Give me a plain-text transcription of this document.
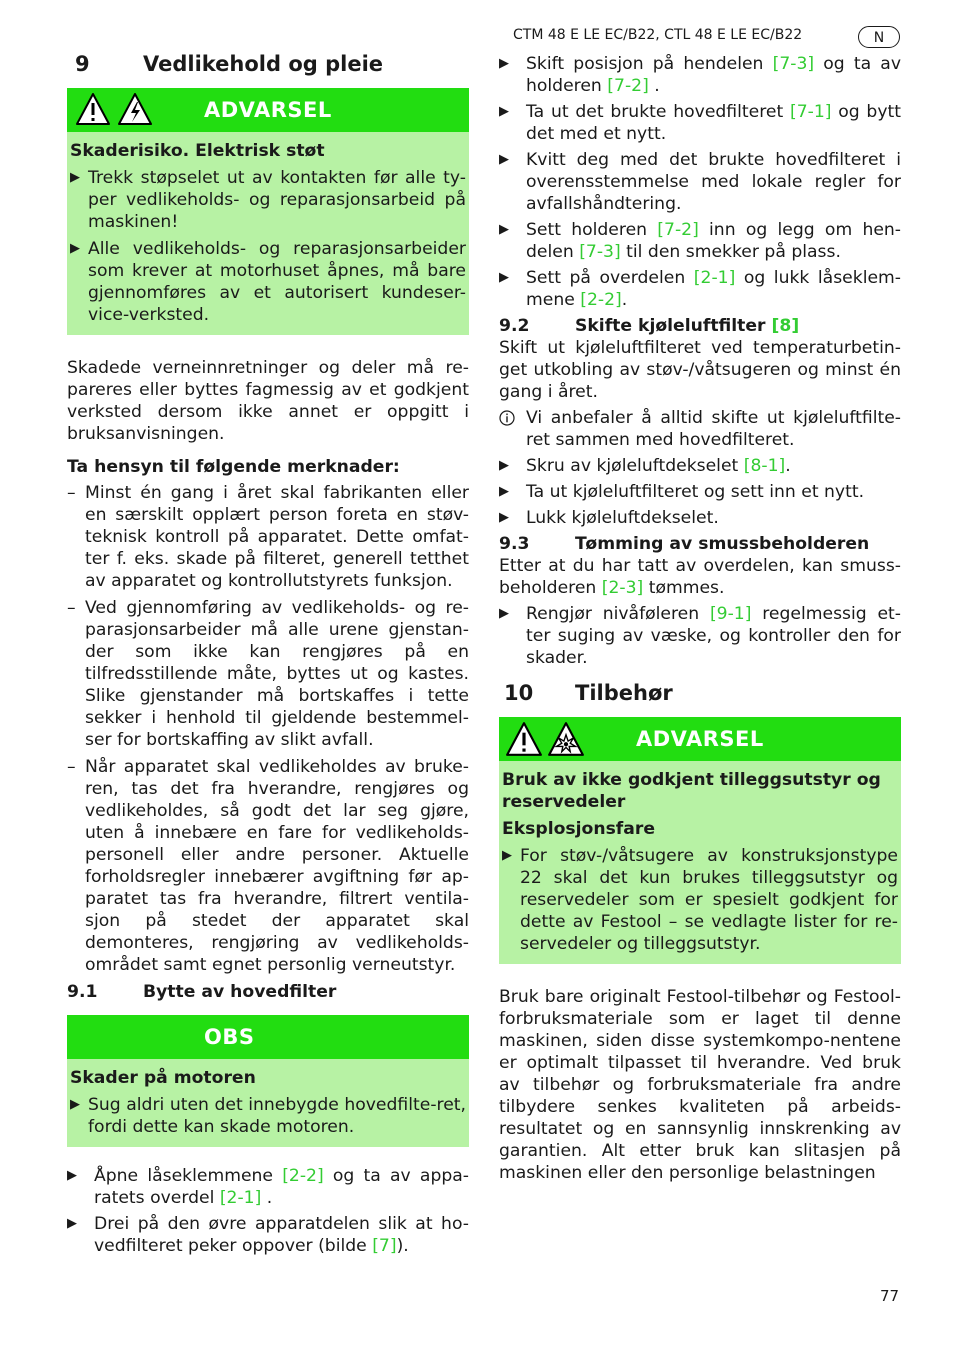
CTM 48 E LE EC/B22, CTL 48 E LE EC/B22	N
9	Vedlikehold og pleie
ADVARSEL
Skaderisiko. Elektrisk støt
▶ Trekk støpselet ut av kontakten før alle ty-per vedlikeholds- og reparasjonsarbeid på maskinen!
▶ Alle vedlikeholds- og reparasjonsarbeider som krever at motorhuset åpnes, må bare gjennomføres av et autorisert kundeser-vice-verksted.

Skadede verneinnretninger og deler må re-pareres eller byttes fagmessig av et godkjent verksted dersom ikke annet er oppgitt i bruksanvisningen.

Ta hensyn til følgende merknader:
– Minst én gang i året skal fabrikanten eller en særskilt opplært person foreta en støv-teknisk kontroll på apparatet. Dette omfat-ter f. eks. skade på filteret, generell tetthet av apparatet og kontrollutstyrets funksjon.
– Ved gjennomføring av vedlikeholds- og re-parasjonsarbeider må alle urene gjenstan-der som ikke kan rengjøres på en tilfredsstillende måte, byttes ut og kastes. Slike gjenstander må bortskaffes i tette sekker i henhold til gjeldende bestemmel-ser for bortskaffing av slikt avfall.
– Når apparatet skal vedlikeholdes av bruke-ren, tas det fra hverandre, rengjøres og vedlikeholdes, så godt det lar seg gjøre, uten å innebære en fare for vedlikeholds-personell eller andre personer. Aktuelle forholdsregler innebærer avgiftning før ap-paratet tas fra hverandre, filtrert ventila-sjon på stedet der apparatet skal demonteres, rengjøring av vedlikeholds-området samt egnet personlig verneutstyr.
9.1	Bytte av hovedfilter
OBS
Skader på motoren
▶ Sug aldri uten det innebygde hovedfilte-ret, fordi dette kan skade motoren.
▶ Åpne låseklemmene [2-2] og ta av appa-ratets overdel [2-1] .
▶ Drei på den øvre apparatdelen slik at ho-vedfilteret peker oppover (bilde [7]).
▶ Skift posisjon på hendelen [7-3] og ta av holderen [7-2] .
▶ Ta ut det brukte hovedfilteret [7-1] og bytt det med et nytt.
▶ Kvitt deg med det brukte hovedfilteret i overensstemmelse med lokale regler for avfallshåndtering.
▶ Sett holderen [7-2] inn og legg om hen-delen [7-3] til den smekker på plass.
▶ Sett på overdelen [2-1] og lukk låseklem-mene [2-2].
9.2	Skifte kjøleluftfilter [8]

Skift ut kjøleluftfilteret ved temperaturbetin-get utkobling av støv-/våtsugeren og minst én gang i året.

Vi anbefaler å alltid skifte ut kjøleluftfilte-ret sammen med hovedfilteret.
▶ Skru av kjøleluftdekselet [8-1].
▶ Ta ut kjøleluftfilteret og sett inn et nytt.
▶ Lukk kjøleluftdekselet.
9.3	Tømming av smussbeholderen

Etter at du har tatt av overdelen, kan smuss-beholderen [2-3] tømmes.

▶ Rengjør nivåføleren [9-1] regelmessig et-ter suging av væske, og kontroller den for skader.
10	Tilbehør
ADVARSEL
Bruk av ikke godkjent tilleggsutstyr og reservedeler
Eksplosjonsfare
▶ For støv-/våtsugere av konstruksjonstype 22 skal det kun brukes tilleggsutstyr og reservedeler som er spesielt godkjent for dette av Festool – se vedlagte lister for re-servedeler og tilleggsutstyr.

Bruk bare originalt Festool-tilbehør og Festool-forbruksmateriale som er laget til denne maskinen, siden disse systemkompo-nentene er optimalt tilpasset til hverandre. Ved bruk av tilbehør og forbruksmateriale fra andre tilbydere senkes kvaliteten på arbeids-resultatet og en sannsynlig innskrenking av garantien. Alt etter bruk kan slitasjen på maskinen eller den personlige belastningen

77
